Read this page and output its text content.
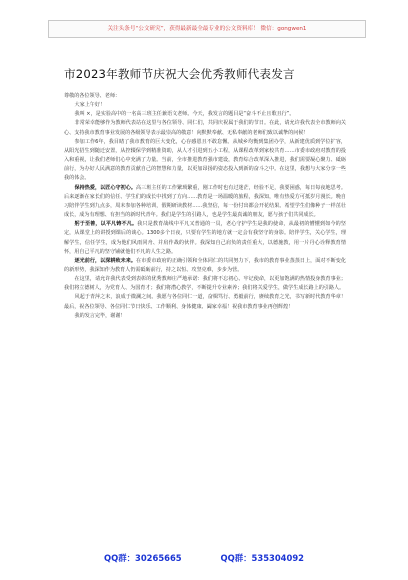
关注头条号“公文研究”，获得最新最全最专业的公文资料库！ 微信：gongwen1
市2023年教师节庆祝大会优秀教师代表发言

尊敬的各位领导、老师：

大家上午好！

我叫 ×，是实验高中的一名高三班主任兼语文老师。今天，我发言的题目是“奋斗不止且歌且行”。

非常荣幸能够作为教师代表站在这里与各位领导、同仁们，共同庆祝属于我们的节日。在此，请允许我代表全市教师向关心、支持我市教育事业发展的各级领导表示最崇高的敬意！向默默奉献、无私奉献的老师们致以诚挚的问候！

参加工作6年，我目睹了我市教育的巨大变化，心存感恩且不敢怠懈。从城乡均衡到集团办学，从新建优质到学位扩容，从阳光招生到随迁安置，从控辍保学到精准资助，从人才引进到五小工程，从课程改革到家校共育……市委市政府对教育的投入和重视，让我们老师们心中充满了力量。当前，全市推进教育强市建设，教育综合改革深入推进，我们需要凝心聚力、砥砺前行，为办好人民满意的教育贡献自己的智慧和力量，以更加昂扬的姿态投入到新的奋斗之中。在这里，我想与大家分享一些我的体会。

保持热爱，以匠心守初心。高三班主任的工作繁琐繁重，刚工作时也有过迷茫，经验不足，我要困惑，每日每夜地思考。后来逐渐在家长们的信任、学生们的成长中找到了方向……教育是一场温暖的旅程，我深知，唯有热爱方可抵岁月漫长。晚自习陪伴学生到九点多，周末参加各种培训，假期研读教材……我坚信，每一份付出都会开花结果。希望学生们像种子一样茁壮成长，成为有理想、有担当的新时代青年。我们是学生的引路人，也是学生最真诚的朋友，愿与孩子们共同成长。

躬于至善，以平凡铸不凡。我只是教育战线中平凡又普通的一员，老心守护学生是我的使命，从最初的懵懂到如今的坚定，从课堂上的讲授到课后的谈心。1300多个日夜，只要有学生的地方就一定会有我坚守的身影。陪伴学生，关心学生，理解学生，信任学生，成为他们风雨同舟、并肩作战的伙伴。我深知自己肩负的责任重大，以德施教，用一片丹心诠释教育情怀，用自己平凡的坚守铺就他们不凡的人生之路。

逐光前行，以深耕致未来。在市委市政府的正确引领和全体同仁的共同努力下，我市的教育事业蒸蒸日上，面对不断变化的新形势，我深知作为教育人仍需砥砺前行，持之以恒、攻坚克难，步步为营。

在这里，请允许我代表受到表彰的优秀教师庄严地承诺：我们将不忘初心、牢记使命，以更加饱满的热情投身教育事业；我们将立德树人，为党育人、为国育才；我们将潜心教学，不断提升专业素养；我们将关爱学生，做学生成长路上的引路人。

风起于青萍之末，浪成于微澜之间。我愿与各位同仁一道，奋楫笃行、勇毅前行，赓续教育之光，书写新时代教育华章！最后，祝各位领导、各位同仁节日快乐、工作顺利、身体健康、阖家幸福！祝我市教育事业再创辉煌！

我的发言完毕，谢谢！

QQ群：30265665	QQ群：535304092
